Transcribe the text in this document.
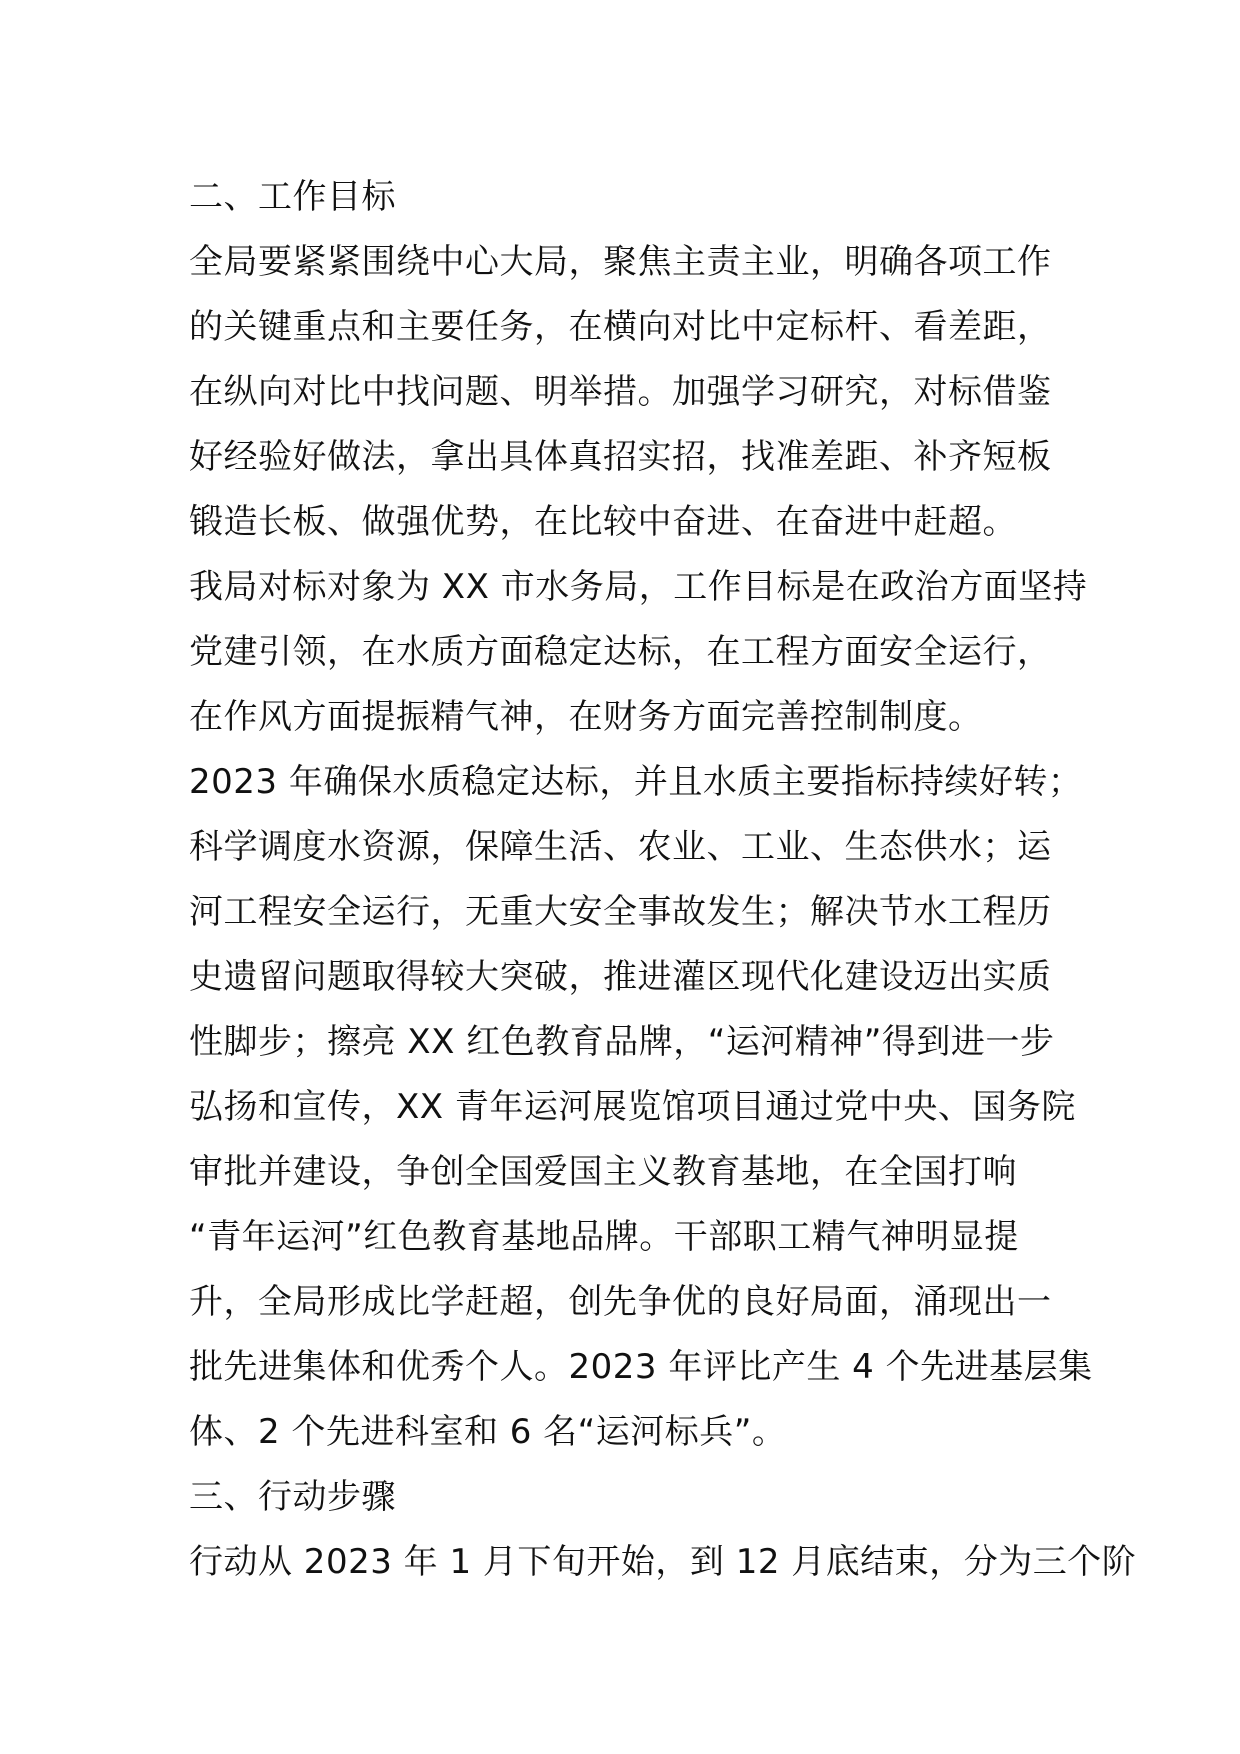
二、工作目标
全局要紧紧围绕中心大局，聚焦主责主业，明确各项工作
的关键重点和主要任务，在横向对比中定标杆、看差距，
在纵向对比中找问题、明举措。加强学习研究，对标借鉴
好经验好做法，拿出具体真招实招，找准差距、补齐短板
锻造长板、做强优势，在比较中奋进、在奋进中赶超。
我局对标对象为 XX 市水务局，工作目标是在政治方面坚持
党建引领，在水质方面稳定达标，在工程方面安全运行，
在作风方面提振精气神，在财务方面完善控制制度。
2023 年确保水质稳定达标，并且水质主要指标持续好转；
科学调度水资源，保障生活、农业、工业、生态供水；运
河工程安全运行，无重大安全事故发生；解决节水工程历
史遗留问题取得较大突破，推进灌区现代化建设迈出实质
性脚步；擦亮 XX 红色教育品牌，“运河精神”得到进一步
弘扬和宣传，XX 青年运河展览馆项目通过党中央、国务院
审批并建设，争创全国爱国主义教育基地，在全国打响
“青年运河”红色教育基地品牌。干部职工精气神明显提
升，全局形成比学赶超，创先争优的良好局面，涌现出一
批先进集体和优秀个人。2023 年评比产生 4 个先进基层集
体、2 个先进科室和 6 名“运河标兵”。
三、行动步骤
行动从 2023 年 1 月下旬开始，到 12 月底结束，分为三个阶
